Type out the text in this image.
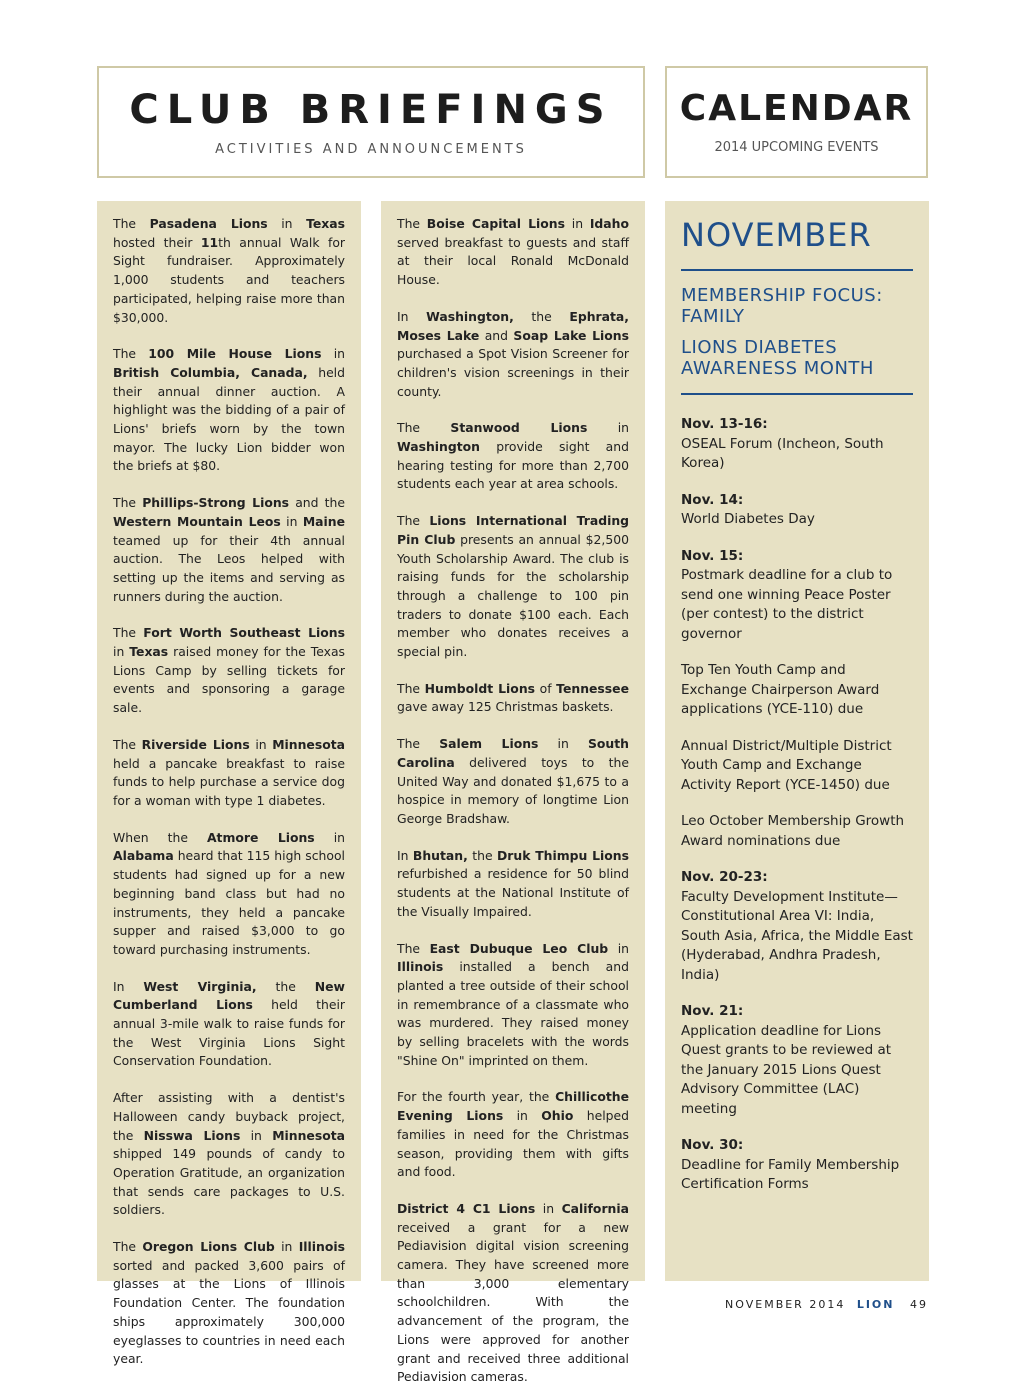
CLUB BRIEFINGS
ACTIVITIES AND ANNOUNCEMENTS
CALENDAR
2014 UPCOMING EVENTS

The Pasadena Lions in Texas hosted their 11th annual Walk for Sight fundraiser. Approximately 1,000 students and teachers participated, helping raise more than $30,000.

The 100 Mile House Lions in British Columbia, Canada, held their annual dinner auction. A highlight was the bidding of a pair of Lions' briefs worn by the town mayor. The lucky Lion bidder won the briefs at $80.

The Phillips-Strong Lions and the Western Mountain Leos in Maine teamed up for their 4th annual auction. The Leos helped with setting up the items and serving as runners during the auction.

The Fort Worth Southeast Lions in Texas raised money for the Texas Lions Camp by selling tickets for events and sponsoring a garage sale.

The Riverside Lions in Minnesota held a pancake breakfast to raise funds to help purchase a service dog for a woman with type 1 diabetes.

When the Atmore Lions in Alabama heard that 115 high school students had signed up for a new beginning band class but had no instruments, they held a pancake supper and raised $3,000 to go toward purchasing instruments.

In West Virginia, the New Cumberland Lions held their annual 3-mile walk to raise funds for the West Virginia Lions Sight Conservation Foundation.

After assisting with a dentist's Halloween candy buyback project, the Nisswa Lions in Minnesota shipped 149 pounds of candy to Operation Gratitude, an organization that sends care packages to U.S. soldiers.

The Oregon Lions Club in Illinois sorted and packed 3,600 pairs of glasses at the Lions of Illinois Foundation Center. The foundation ships approximately 300,000 eyeglasses to countries in need each year.

The Boise Capital Lions in Idaho served breakfast to guests and staff at their local Ronald McDonald House.

In Washington, the Ephrata, Moses Lake and Soap Lake Lions purchased a Spot Vision Screener for children's vision screenings in their county.

The Stanwood Lions in Washington provide sight and hearing testing for more than 2,700 students each year at area schools.

The Lions International Trading Pin Club presents an annual $2,500 Youth Scholarship Award. The club is raising funds for the scholarship through a challenge to 100 pin traders to donate $100 each. Each member who donates receives a special pin.

The Humboldt Lions of Tennessee gave away 125 Christmas baskets.

The Salem Lions in South Carolina delivered toys to the United Way and donated $1,675 to a hospice in memory of longtime Lion George Bradshaw.

In Bhutan, the Druk Thimpu Lions refurbished a residence for 50 blind students at the National Institute of the Visually Impaired.

The East Dubuque Leo Club in Illinois installed a bench and planted a tree outside of their school in remembrance of a classmate who was murdered. They raised money by selling bracelets with the words "Shine On" imprinted on them.

For the fourth year, the Chillicothe Evening Lions in Ohio helped families in need for the Christmas season, providing them with gifts and food.

District 4 C1 Lions in California received a grant for a new Pediavision digital vision screening camera. They have screened more than 3,000 elementary schoolchildren. With the advancement of the program, the Lions were approved for another grant and received three additional Pediavision cameras.

NOVEMBER
MEMBERSHIP FOCUS: FAMILY
LIONS DIABETES AWARENESS MONTH
Nov. 13-16:
OSEAL Forum (Incheon, South Korea)
Nov. 14:
World Diabetes Day
Nov. 15:
Postmark deadline for a club to send one winning Peace Poster (per contest) to the district governor
Top Ten Youth Camp and Exchange Chairperson Award applications (YCE-110) due
Annual District/Multiple District Youth Camp and Exchange Activity Report (YCE-1450) due
Leo October Membership Growth Award nominations due
Nov. 20-23:
Faculty Development Institute—Constitutional Area VI: India, South Asia, Africa, the Middle East (Hyderabad, Andhra Pradesh, India)
Nov. 21:
Application deadline for Lions Quest grants to be reviewed at the January 2015 Lions Quest Advisory Committee (LAC) meeting
Nov. 30:
Deadline for Family Membership Certification Forms
NOVEMBER 2014 LION 49
